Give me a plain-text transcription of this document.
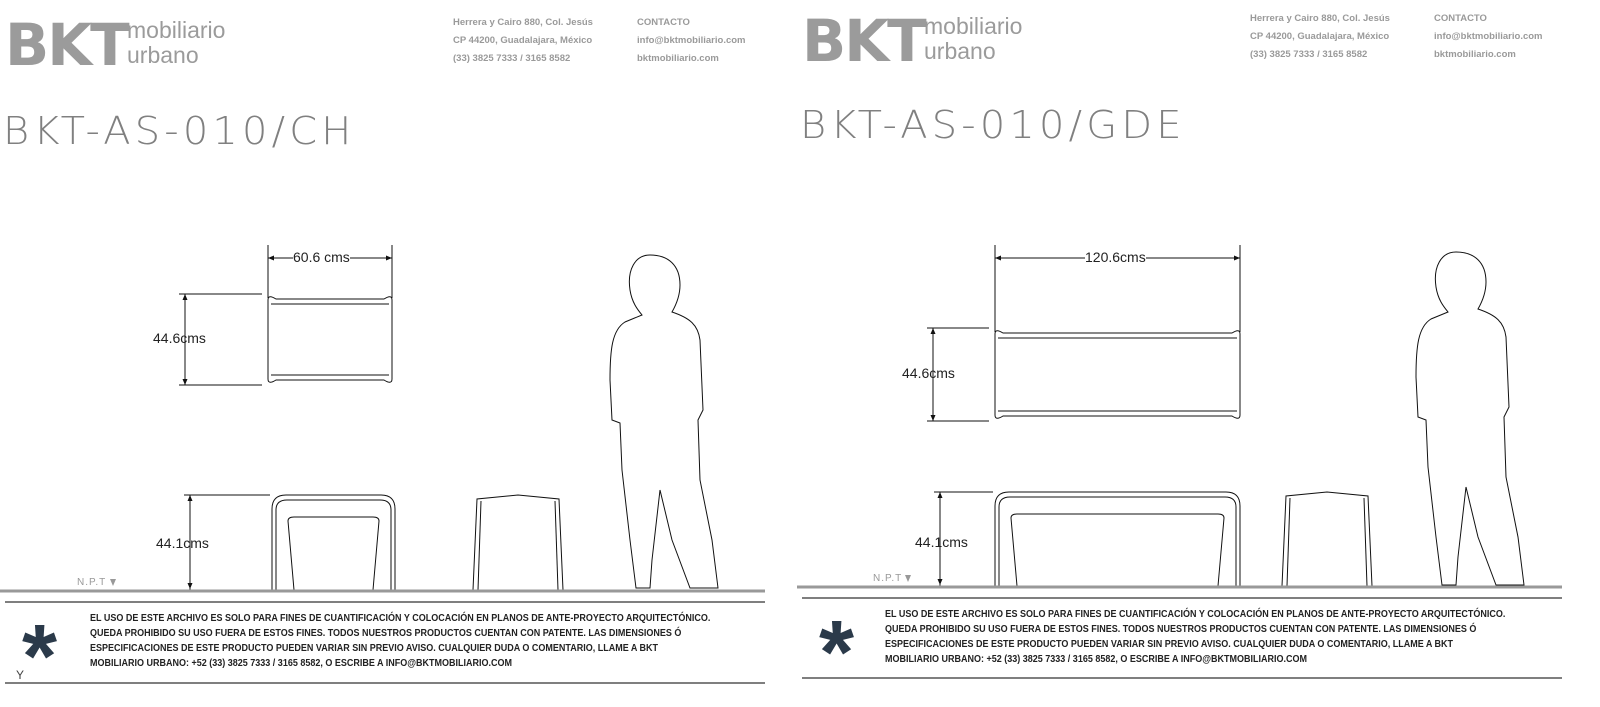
BKT mobiliario
urbano
Herrera y Cairo 880, Col. Jesús
CP 44200, Guadalajara, México
(33) 3825 7333 / 3165 8582
CONTACTO
info@bktmobiliario.com
bktmobiliario.com
BKT-AS-010/CH
60.6 cms
44.6cms
44.1cms
N.P.T
*	EL USO DE ESTE ARCHIVO ES SOLO PARA FINES DE CUANTIFICACIÓN Y COLOCACIÓN EN PLANOS DE ANTE-PROYECTO ARQUITECTÓNICO.
QUEDA PROHIBIDO SU USO FUERA DE ESTOS FINES. TODOS NUESTROS PRODUCTOS CUENTAN CON PATENTE. LAS DIMENSIONES Ó
ESPECIFICACIONES DE ESTE PRODUCTO PUEDEN VARIAR SIN PREVIO AVISO. CUALQUIER DUDA O COMENTARIO, LLAME A BKT
MOBILIARIO URBANO: +52 (33) 3825 7333 / 3165 8582, O ESCRIBE A INFO@BKTMOBILIARIO.COM
Y
BKT mobiliario
urbano
Herrera y Cairo 880, Col. Jesús
CP 44200, Guadalajara, México
(33) 3825 7333 / 3165 8582
CONTACTO
info@bktmobiliario.com
bktmobiliario.com
BKT-AS-010/GDE
120.6cms
44.6cms
44.1cms
N.P.T
*	EL USO DE ESTE ARCHIVO ES SOLO PARA FINES DE CUANTIFICACIÓN Y COLOCACIÓN EN PLANOS DE ANTE-PROYECTO ARQUITECTÓNICO.
QUEDA PROHIBIDO SU USO FUERA DE ESTOS FINES. TODOS NUESTROS PRODUCTOS CUENTAN CON PATENTE. LAS DIMENSIONES Ó
ESPECIFICACIONES DE ESTE PRODUCTO PUEDEN VARIAR SIN PREVIO AVISO. CUALQUIER DUDA O COMENTARIO, LLAME A BKT
MOBILIARIO URBANO: +52 (33) 3825 7333 / 3165 8582, O ESCRIBE A INFO@BKTMOBILIARIO.COM
